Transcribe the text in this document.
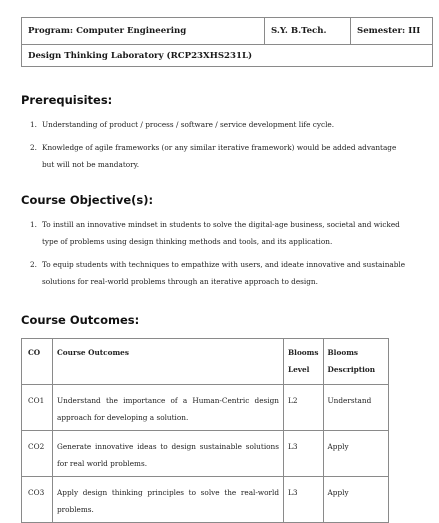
Program: Computer Engineering	S.Y. B.Tech.	Semester: III
Design Thinking Laboratory (RCP23XHS231L)
Prerequisites:
1. Understanding of product / process / software / service development life cycle.
2. Knowledge of agile frameworks (or any similar iterative framework) would be added advantage but will not be mandatory.
Course Objective(s):
1. To instill an innovative mindset in students to solve the digital-age business, societal and wicked type of problems using design thinking methods and tools, and its application.
2. To equip students with techniques to empathize with users, and ideate innovative and sustainable solutions for real-world problems through an iterative approach to design.
Course Outcomes:
CO	Course Outcomes	Blooms Level	Blooms Description
CO1	Understand the importance of a Human-Centric design approach for developing a solution.	L2	Understand
CO2	Generate innovative ideas to design sustainable solutions for real world problems.	L3	Apply
CO3	Apply design thinking principles to solve the real-world problems.	L3	Apply
